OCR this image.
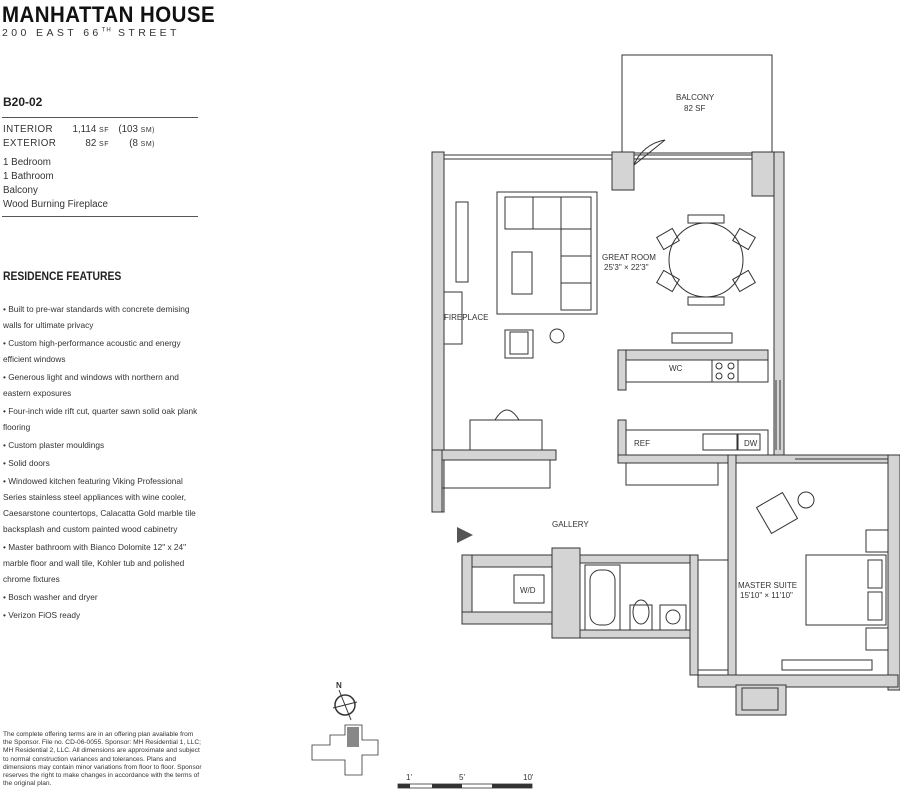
MANHATTAN HOUSE
200 EAST 66TH STREET
B20-02
INTERIOR	1,114 SF (103 SM)
EXTERIOR	82 SF	(8 SM)
1 Bedroom
1 Bathroom
Balcony
Wood Burning Fireplace
RESIDENCE FEATURES
• Built to pre-war standards with concrete demising walls for ultimate privacy
• Custom high-performance acoustic and energy efficient windows
• Generous light and windows with northern and eastern exposures
• Four-inch wide rift cut, quarter sawn solid oak plank flooring
• Custom plaster mouldings
• Solid doors
• Windowed kitchen featuring Viking Professional Series stainless steel appliances with wine cooler, Caesarstone countertops, Calacatta Gold marble tile backsplash and custom painted wood cabinetry
• Master bathroom with Bianco Dolomite 12" x 24" marble floor and wall tile, Kohler tub and polished chrome fixtures
• Bosch washer and dryer
• Verizon FiOS ready
The complete offering terms are in an offering plan available from the Sponsor. File no. CD-06-0055. Sponsor: MH Residential 1, LLC; MH Residential 2, LLC. All dimensions are approximate and subject to normal construction variances and tolerances. Plans and dimensions may contain minor variations from floor to floor. Sponsor reserves the right to make changes in accordance with the terms of the original plan.
BALCONY
82 SF
GREAT ROOM
25'3" × 22'3"
FIREPLACE
WC
REF	DW
GALLERY
W/D
MASTER SUITE
15'10" × 11'10"
N
1'	5'	10'
